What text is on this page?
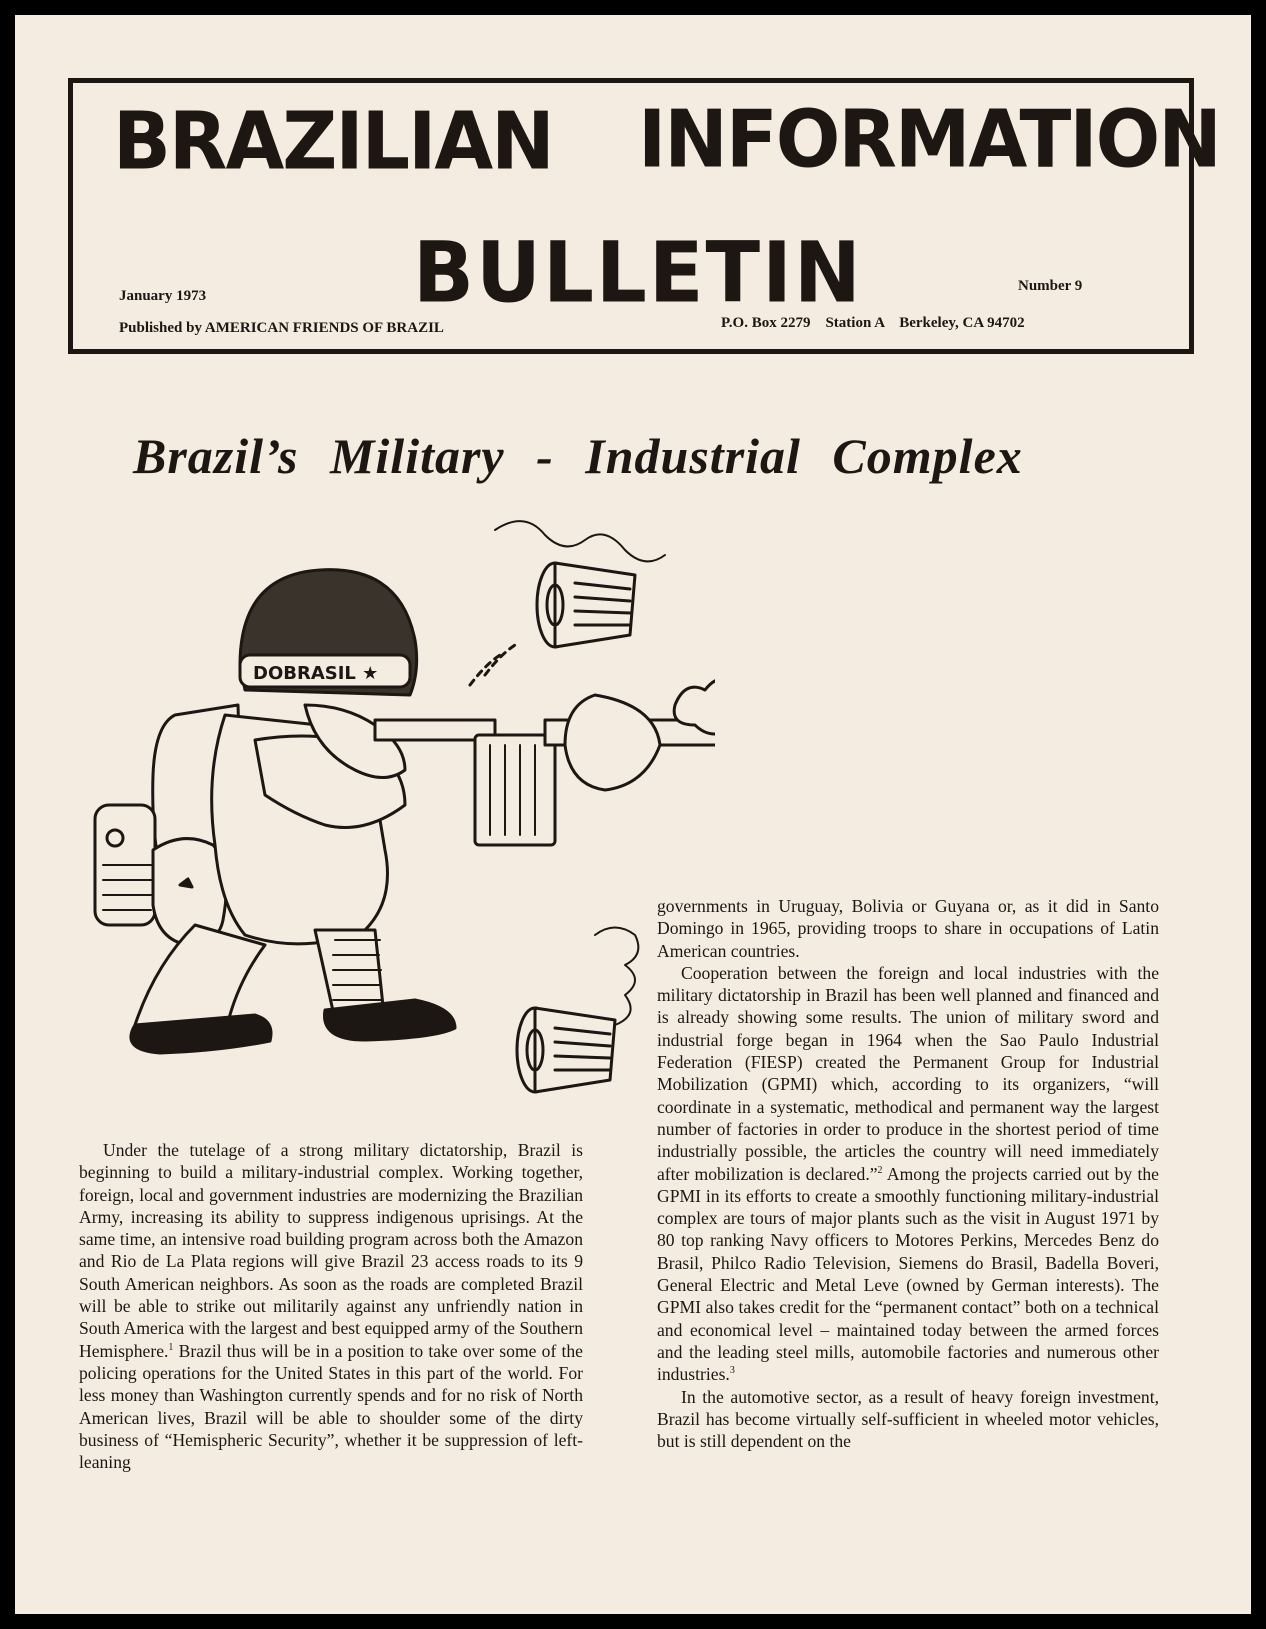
BRAZILIAN INFORMATION
BULLETIN
January 1973
Number 9
Published by AMERICAN FRIENDS OF BRAZIL	P.O. Box 2279    Station A    Berkeley, CA 94702
Brazil’s Military - Industrial Complex
DOBRASIL ★
MANUEL

Under the tutelage of a strong military dictatorship, Brazil is beginning to build a military-industrial complex. Working together, foreign, local and government industries are modernizing the Brazilian Army, increasing its ability to suppress indigenous uprisings. At the same time, an intensive road building program across both the Amazon and Rio de La Plata regions will give Brazil 23 access roads to its 9 South American neighbors. As soon as the roads are completed Brazil will be able to strike out militarily against any unfriendly nation in South America with the largest and best equipped army of the Southern Hemisphere.$^1$ Brazil thus will be in a position to take over some of the policing operations for the United States in this part of the world. For less money than Washington currently spends and for no risk of North American lives, Brazil will be able to shoulder some of the dirty business of “Hemispheric Security”, whether it be suppression of left-leaning

governments in Uruguay, Bolivia or Guyana or, as it did in Santo Domingo in 1965, providing troops to share in occupations of Latin American countries.

Cooperation between the foreign and local industries with the military dictatorship in Brazil has been well planned and financed and is already showing some results. The union of military sword and industrial forge began in 1964 when the Sao Paulo Industrial Federation (FIESP) created the Permanent Group for Industrial Mobilization (GPMI) which, according to its organizers, “will coordinate in a systematic, methodical and permanent way the largest number of factories in order to produce in the shortest period of time industrially possible, the articles the country will need immediately after mobilization is declared.”$^2$ Among the projects carried out by the GPMI in its efforts to create a smoothly functioning military-industrial complex are tours of major plants such as the visit in August 1971 by 80 top ranking Navy officers to Motores Perkins, Mercedes Benz do Brasil, Philco Radio Television, Siemens do Brasil, Badella Boveri, General Electric and Metal Leve (owned by German interests). The GPMI also takes credit for the “permanent contact” both on a technical and economical level – maintained today between the armed forces and the leading steel mills, automobile factories and numerous other industries.$^3$

In the automotive sector, as a result of heavy foreign investment, Brazil has become virtually self-sufficient in wheeled motor vehicles, but is still dependent on the
